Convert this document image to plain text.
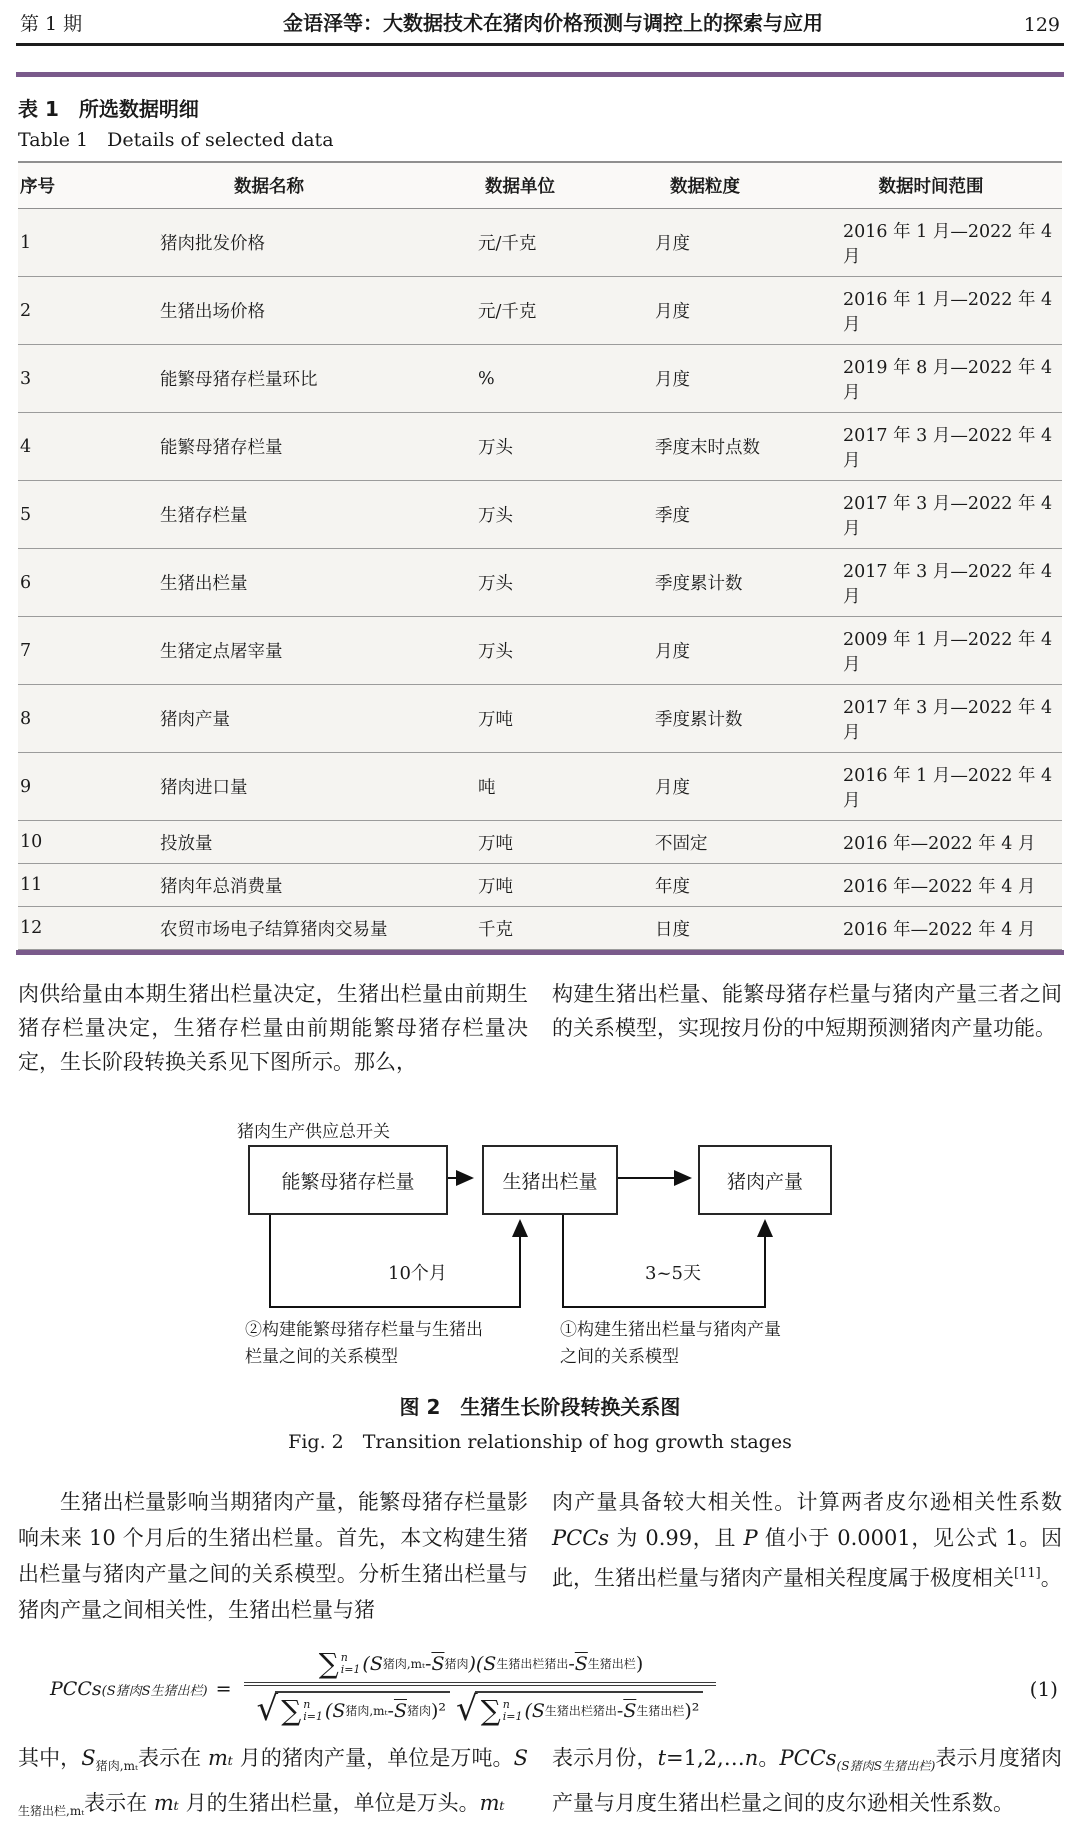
第 1 期	金语泽等：大数据技术在猪肉价格预测与调控上的探索与应用	129
表 1　所选数据明细
Table 1　Details of selected data
序号	数据名称	数据单位	数据粒度	数据时间范围
1	猪肉批发价格	元/千克	月度	2016 年 1 月—2022 年 4 月
2	生猪出场价格	元/千克	月度	2016 年 1 月—2022 年 4 月
3	能繁母猪存栏量环比	%	月度	2019 年 8 月—2022 年 4 月
4	能繁母猪存栏量	万头	季度末时点数	2017 年 3 月—2022 年 4 月
5	生猪存栏量	万头	季度	2017 年 3 月—2022 年 4 月
6	生猪出栏量	万头	季度累计数	2017 年 3 月—2022 年 4 月
7	生猪定点屠宰量	万头	月度	2009 年 1 月—2022 年 4 月
8	猪肉产量	万吨	季度累计数	2017 年 3 月—2022 年 4 月
9	猪肉进口量	吨	月度	2016 年 1 月—2022 年 4 月
10	投放量	万吨	不固定	2016 年—2022 年 4 月
11	猪肉年总消费量	万吨	年度	2016 年—2022 年 4 月
12	农贸市场电子结算猪肉交易量	千克	日度	2016 年—2022 年 4 月
肉供给量由本期生猪出栏量决定，生猪出栏量由前期生猪存栏量决定，生猪存栏量由前期能繁母猪存栏量决定，生长阶段转换关系见下图所示。那么，
构建生猪出栏量、能繁母猪存栏量与猪肉产量三者之间的关系模型，实现按月份的中短期预测猪肉产量功能。
猪肉生产供应总开关
能繁母猪存栏量	生猪出栏量	猪肉产量
10个月	3~5天
②构建能繁母猪存栏量与生猪出
栏量之间的关系模型
①构建生猪出栏量与猪肉产量
之间的关系模型
图 2　生猪生长阶段转换关系图
Fig. 2　Transition relationship of hog growth stages
生猪出栏量影响当期猪肉产量，能繁母猪存栏量影响未来 10 个月后的生猪出栏量。首先，本文构建生猪出栏量与猪肉产量之间的关系模型。分析生猪出栏量与猪肉产量之间相关性，生猪出栏量与猪
肉产量具备较大相关性。计算两者皮尔逊相关性系数 PCCs 为 0.99，且 P 值小于 0.0001，见公式 1。因此，生猪出栏量与猪肉产量相关程度属于极度相关[11]。
PCCs (S猪肉S生猪出栏) =
∑ n
i=1 (S 猪肉,mₜ - $\overline{S}$ 猪肉 )(S 生猪出栏猪出 - $\overline{S}$ 生猪出栏 )
√ ∑ n
i=1 (S 猪肉,mₜ - $\overline{S}$ 猪肉 ) ² √ ∑ n
i=1 (S 生猪出栏猪出 - $\overline{S}$ 生猪出栏 ) ²
(1)
其中，$S_{猪肉,m_t}$表示在 mₜ 月的猪肉产量，单位是万吨。$S_{生猪出栏,m_t}$表示在 mₜ 月的生猪出栏量，单位是万头。mₜ
表示月份，t=1,2,…n。PCCs$_{(S猪肉S生猪出栏)}$表示月度猪肉产量与月度生猪出栏量之间的皮尔逊相关性系数。
